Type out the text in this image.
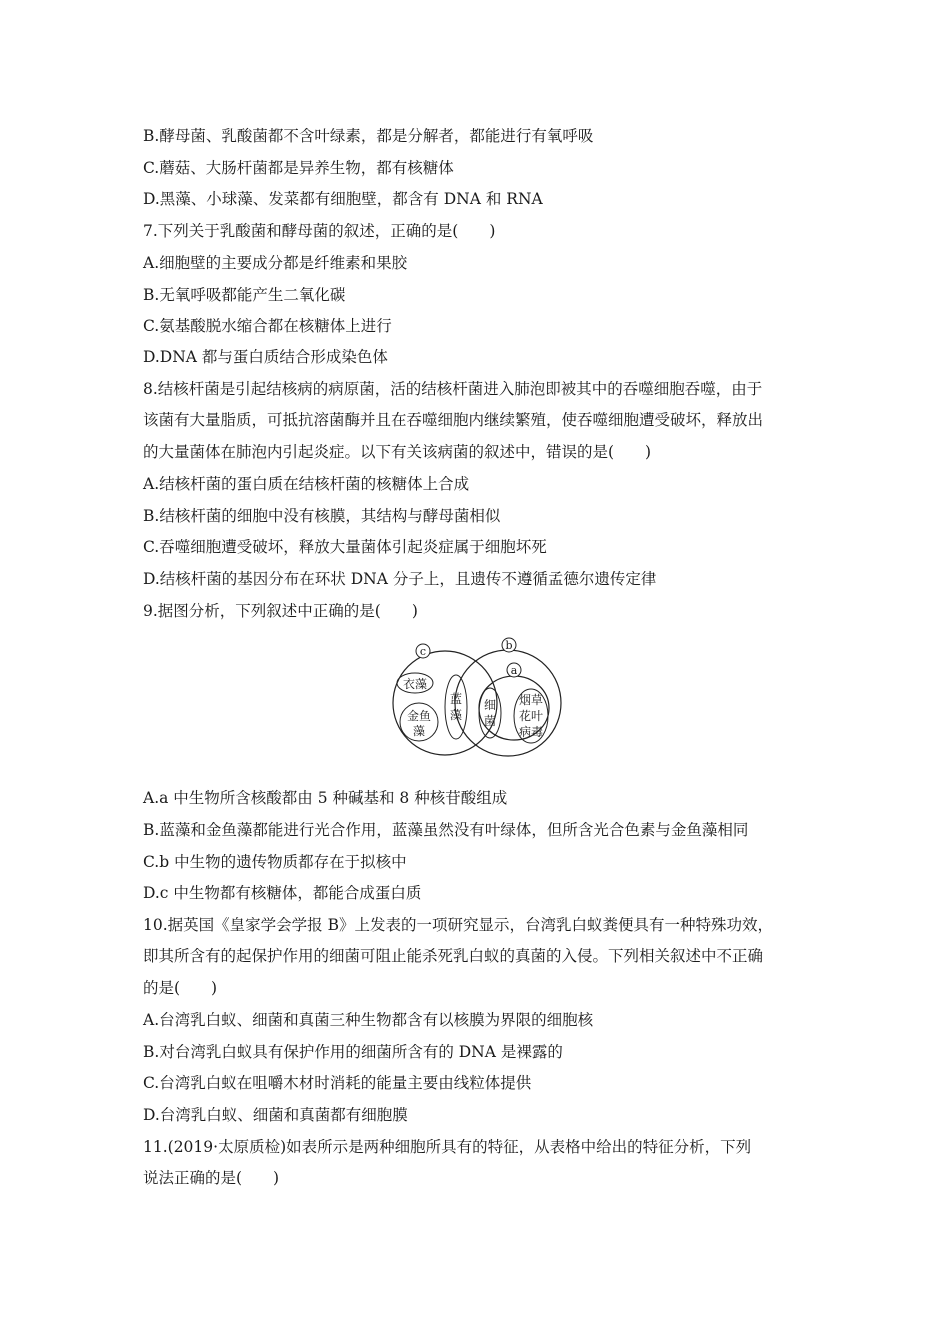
B.酵母菌、乳酸菌都不含叶绿素，都是分解者，都能进行有氧呼吸
C.蘑菇、大肠杆菌都是异养生物，都有核糖体
D.黑藻、小球藻、发菜都有细胞壁，都含有 DNA 和 RNA
7.下列关于乳酸菌和酵母菌的叙述，正确的是(　　)
A.细胞壁的主要成分都是纤维素和果胶
B.无氧呼吸都能产生二氧化碳
C.氨基酸脱水缩合都在核糖体上进行
D.DNA 都与蛋白质结合形成染色体
8.结核杆菌是引起结核病的病原菌，活的结核杆菌进入肺泡即被其中的吞噬细胞吞噬，由于
该菌有大量脂质，可抵抗溶菌酶并且在吞噬细胞内继续繁殖，使吞噬细胞遭受破坏，释放出
的大量菌体在肺泡内引起炎症。以下有关该病菌的叙述中，错误的是(　　)
A.结核杆菌的蛋白质在结核杆菌的核糖体上合成
B.结核杆菌的细胞中没有核膜，其结构与酵母菌相似
C.吞噬细胞遭受破坏，释放大量菌体引起炎症属于细胞坏死
D.结核杆菌的基因分布在环状 DNA 分子上，且遗传不遵循孟德尔遗传定律
9.据图分析，下列叙述中正确的是(　　)
c	b
a
衣藻
金鱼
藻
蓝
藻
细
菌
烟草
花叶
病毒
A.a 中生物所含核酸都由 5 种碱基和 8 种核苷酸组成
B.蓝藻和金鱼藻都能进行光合作用，蓝藻虽然没有叶绿体，但所含光合色素与金鱼藻相同
C.b 中生物的遗传物质都存在于拟核中
D.c 中生物都有核糖体，都能合成蛋白质
10.据英国《皇家学会学报 B》上发表的一项研究显示，台湾乳白蚁粪便具有一种特殊功效，
即其所含有的起保护作用的细菌可阻止能杀死乳白蚁的真菌的入侵。下列相关叙述中不正确
的是(　　)
A.台湾乳白蚁、细菌和真菌三种生物都含有以核膜为界限的细胞核
B.对台湾乳白蚁具有保护作用的细菌所含有的 DNA 是裸露的
C.台湾乳白蚁在咀嚼木材时消耗的能量主要由线粒体提供
D.台湾乳白蚁、细菌和真菌都有细胞膜
11.(2019·太原质检)如表所示是两种细胞所具有的特征，从表格中给出的特征分析，下列
说法正确的是(　　)
